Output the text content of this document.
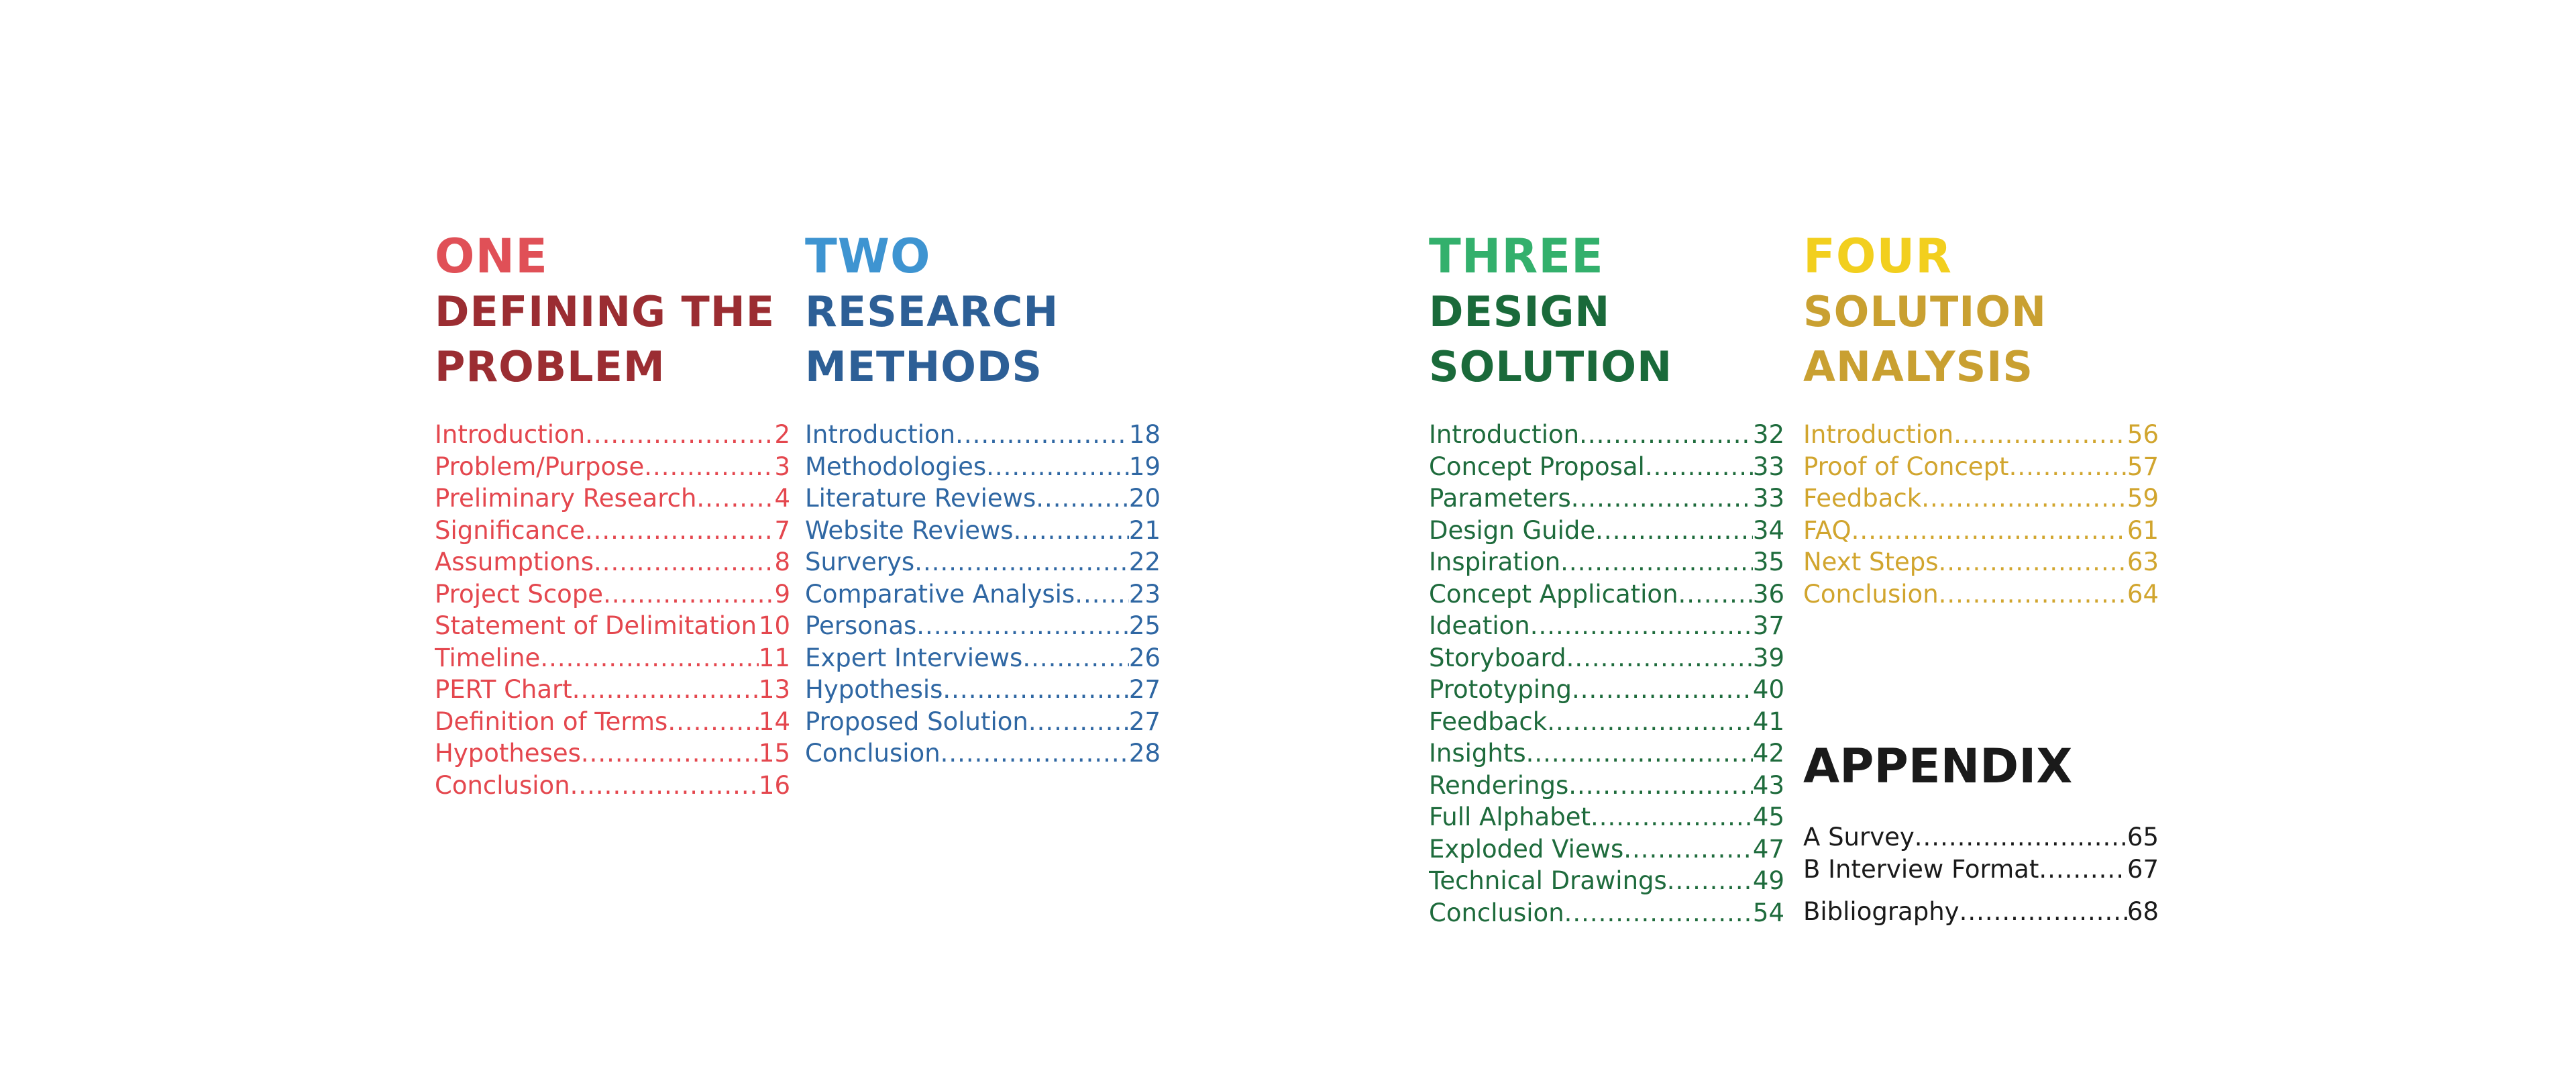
ONE
DEFINING THE
PROBLEM
Introduction .....	2
Problem/Purpose .....	3
Preliminary Research .....	4
Significance .....	7
Assumptions .....	8
Project Scope .....	9
Statement of Delimitation ..... 10
Timeline .....	11
PERT Chart .....	13
Definition of Terms .....	14
Hypotheses .....	15
Conclusion .....	16
TWO
RESEARCH
METHODS
Introduction .....	18
Methodologies .....	19
Literature Reviews .....	20
Website Reviews .....	21
Surverys .....	22
Comparative Analysis ..... 23
Personas .....	25
Expert Interviews .....	26
Hypothesis .....	27
Proposed Solution .....	27
Conclusion .....	28
THREE
DESIGN
SOLUTION
Introduction .....	32
Concept Proposal .....	33
Parameters .....	33
Design Guide .....	34
Inspiration .....	35
Concept Application .....	36
Ideation .....	37
Storyboard .....	39
Prototyping .....	40
Feedback .....	41
Insights .....	42
Renderings .....	43
Full Alphabet .....	45
Exploded Views .....	47
Technical Drawings .....	49
Conclusion .....	54
FOUR
SOLUTION
ANALYSIS
Introduction .....	56
Proof of Concept .....	57
Feedback .....	59
FAQ .....	61
Next Steps .....	63
Conclusion .....	64
APPENDIX
A Survey .....	65
B Interview Format .....	67
Bibliography .....	68
